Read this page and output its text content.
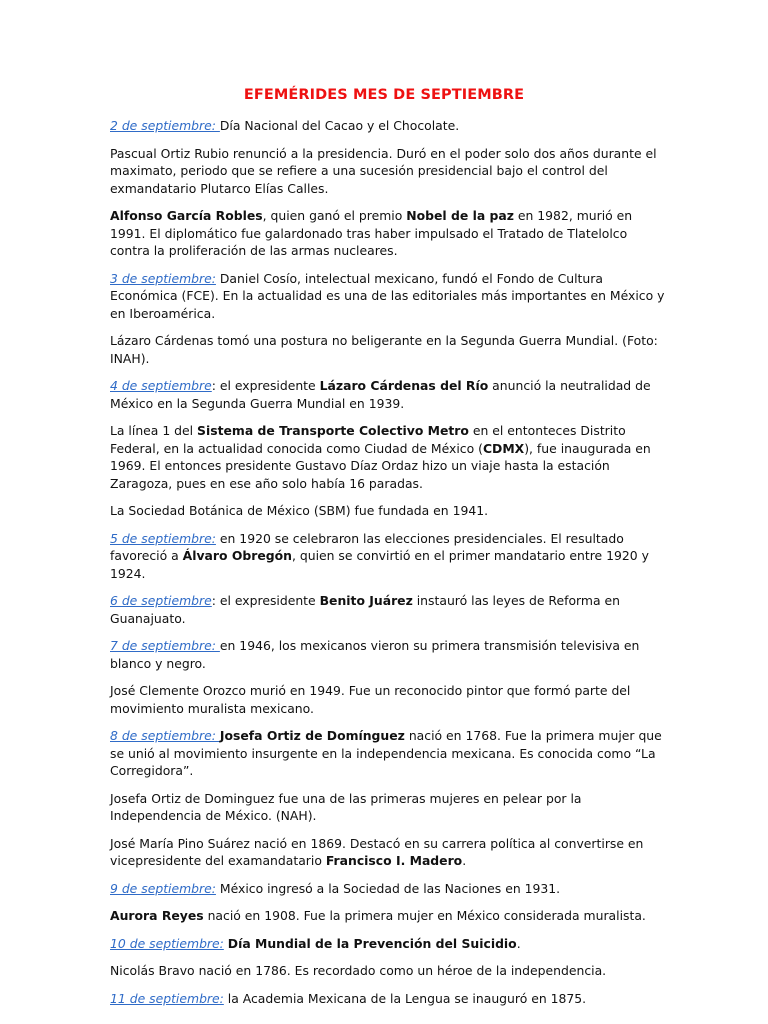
EFEMÉRIDES MES DE SEPTIEMBRE

2 de septiembre: Día Nacional del Cacao y el Chocolate.

Pascual Ortiz Rubio renunció a la presidencia. Duró en el poder solo dos años durante el maximato, periodo que se refiere a una sucesión presidencial bajo el control del exmandatario Plutarco Elías Calles.

Alfonso García Robles, quien ganó el premio Nobel de la paz en 1982, murió en 1991. El diplomático fue galardonado tras haber impulsado el Tratado de Tlatelolco contra la proliferación de las armas nucleares.

3 de septiembre: Daniel Cosío, intelectual mexicano, fundó el Fondo de Cultura Económica (FCE). En la actualidad es una de las editoriales más importantes en México y en Iberoamérica.

Lázaro Cárdenas tomó una postura no beligerante en la Segunda Guerra Mundial. (Foto: INAH).

4 de septiembre: el expresidente Lázaro Cárdenas del Río anunció la neutralidad de México en la Segunda Guerra Mundial en 1939.

La línea 1 del Sistema de Transporte Colectivo Metro en el entonteces Distrito Federal, en la actualidad conocida como Ciudad de México (CDMX), fue inaugurada en 1969. El entonces presidente Gustavo Díaz Ordaz hizo un viaje hasta la estación Zaragoza, pues en ese año solo había 16 paradas.

La Sociedad Botánica de México (SBM) fue fundada en 1941.

5 de septiembre: en 1920 se celebraron las elecciones presidenciales. El resultado favoreció a Álvaro Obregón, quien se convirtió en el primer mandatario entre 1920 y 1924.

6 de septiembre: el expresidente Benito Juárez instauró las leyes de Reforma en Guanajuato.

7 de septiembre: en 1946, los mexicanos vieron su primera transmisión televisiva en blanco y negro.

José Clemente Orozco murió en 1949. Fue un reconocido pintor que formó parte del movimiento muralista mexicano.

8 de septiembre: Josefa Ortiz de Domínguez nació en 1768. Fue la primera mujer que se unió al movimiento insurgente en la independencia mexicana. Es conocida como “La Corregidora”.

Josefa Ortiz de Dominguez fue una de las primeras mujeres en pelear por la Independencia de México. (NAH).

José María Pino Suárez nació en 1869. Destacó en su carrera política al convertirse en vicepresidente del examandatario Francisco I. Madero.

9 de septiembre: México ingresó a la Sociedad de las Naciones en 1931.

Aurora Reyes nació en 1908. Fue la primera mujer en México considerada muralista.

10 de septiembre: Día Mundial de la Prevención del Suicidio.

Nicolás Bravo nació en 1786. Es recordado como un héroe de la independencia.

11 de septiembre: la Academia Mexicana de la Lengua se inauguró en 1875.
